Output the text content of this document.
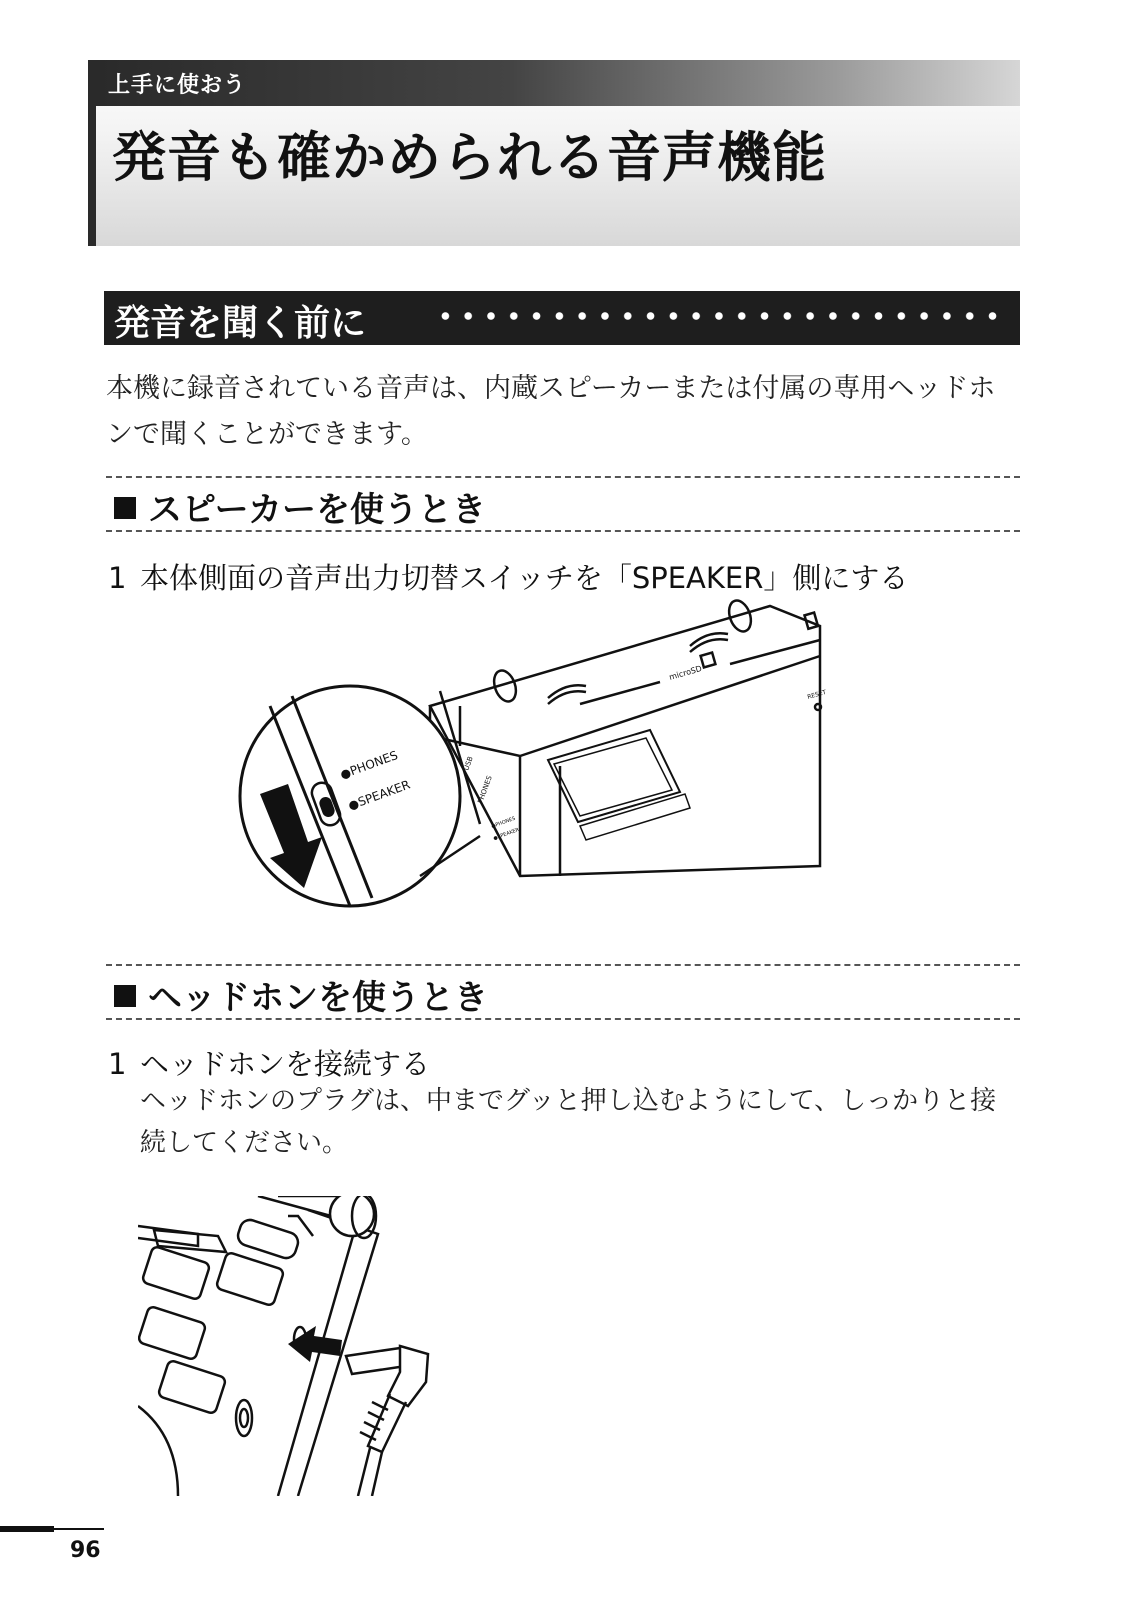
上手に使おう
発音も確かめられる音声機能
発音を聞く前に
本機に録音されている音声は、内蔵スピーカーまたは付属の専用ヘッドホンで聞くことができます。
スピーカーを使うとき
1 本体側面の音声出力切替スイッチを「SPEAKER」側にする
●PHONES
●SPEAKER
USB
PHONES
microSD
RESET
●PHONES
●SPEAKER
ヘッドホンを使うとき
1 ヘッドホンを接続する
ヘッドホンのプラグは、中までグッと押し込むようにして、しっかりと接続してください。
96
